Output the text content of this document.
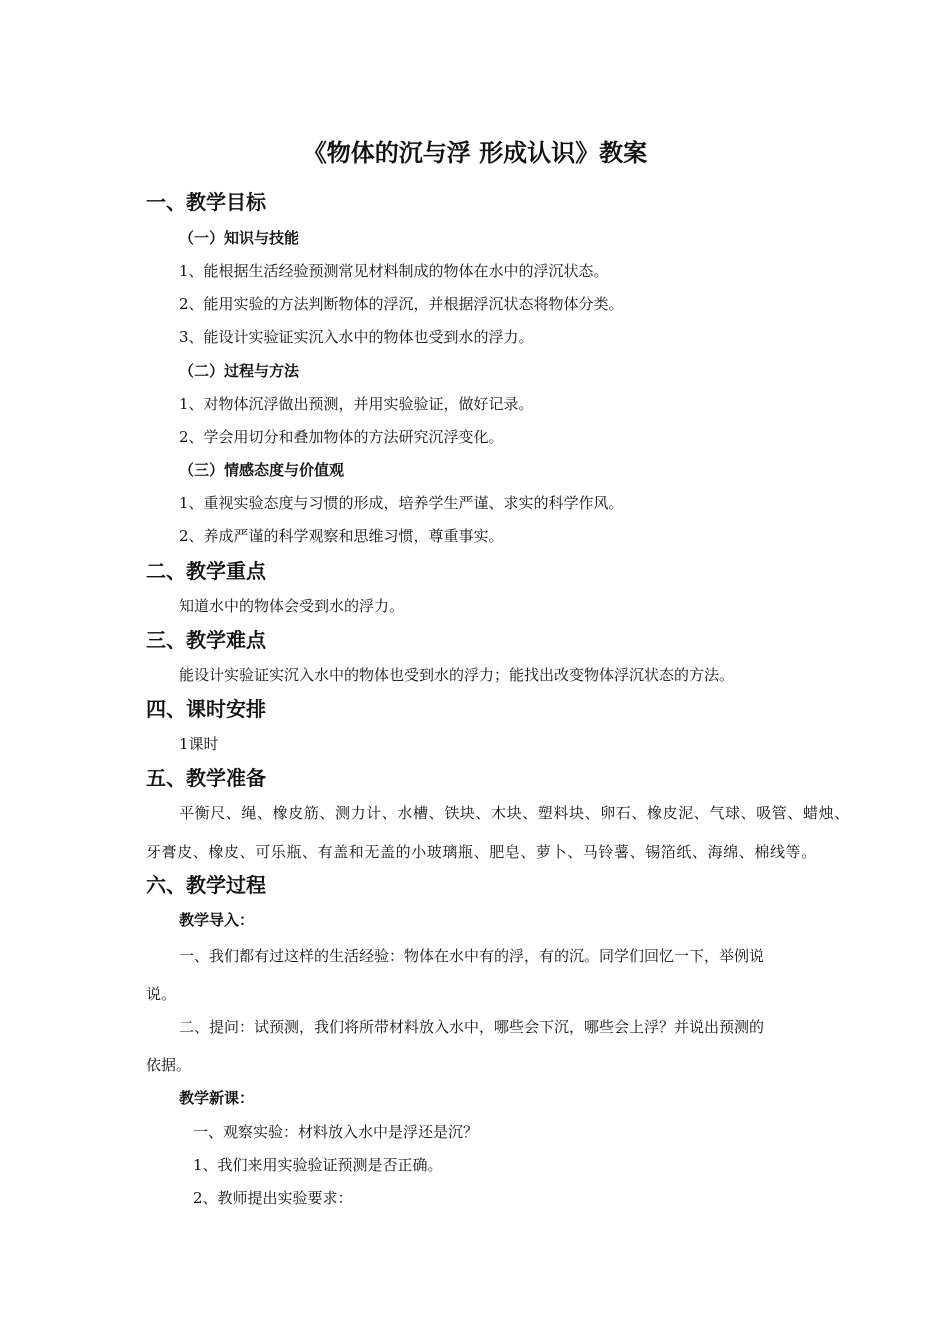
《物体的沉与浮 形成认识》教案
一、教学目标
（一）知识与技能
1、能根据生活经验预测常见材料制成的物体在水中的浮沉状态。
2、能用实验的方法判断物体的浮沉，并根据浮沉状态将物体分类。
3、能设计实验证实沉入水中的物体也受到水的浮力。
（二）过程与方法
1、对物体沉浮做出预测，并用实验验证，做好记录。
2、学会用切分和叠加物体的方法研究沉浮变化。
（三）情感态度与价值观
1、重视实验态度与习惯的形成，培养学生严谨、求实的科学作风。
2、养成严谨的科学观察和思维习惯，尊重事实。
二、教学重点
知道水中的物体会受到水的浮力。
三、教学难点
能设计实验证实沉入水中的物体也受到水的浮力；能找出改变物体浮沉状态的方法。
四、课时安排
1课时
五、教学准备
平衡尺、绳、橡皮筋、测力计、水槽、铁块、木块、塑料块、卵石、橡皮泥、气球、吸管、蜡烛、
牙膏皮、橡皮、可乐瓶、有盖和无盖的小玻璃瓶、肥皂、萝卜、马铃薯、锡箔纸、海绵、棉线等。
六、教学过程
教学导入：
一、我们都有过这样的生活经验：物体在水中有的浮，有的沉。同学们回忆一下，举例说
说。
二、提问：试预测，我们将所带材料放入水中，哪些会下沉，哪些会上浮？并说出预测的
依据。
教学新课：
一、观察实验：材料放入水中是浮还是沉？
1、我们来用实验验证预测是否正确。
2、教师提出实验要求：
